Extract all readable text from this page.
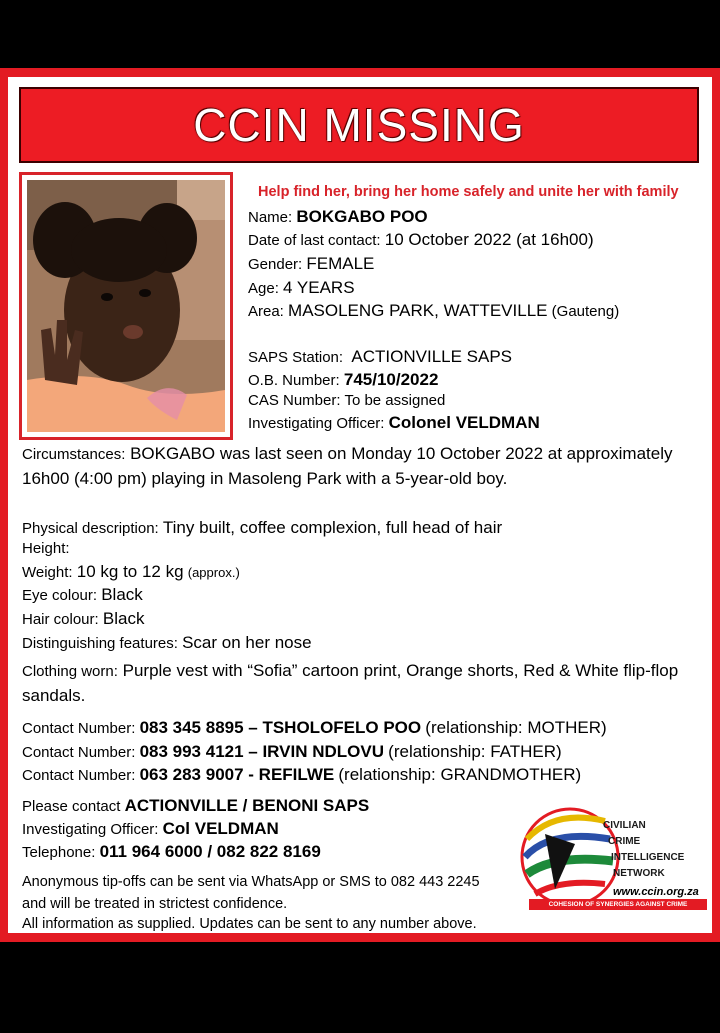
CCIN MISSING
Help find her, bring her home safely and unite her with family
Name: BOKGABO POO
Date of last contact: 10 October 2022 (at 16h00)
Gender: FEMALE
Age: 4 YEARS
Area: MASOLENG PARK, WATTEVILLE (Gauteng)
SAPS Station: ACTIONVILLE SAPS
O.B. Number: 745/10/2022
CAS Number: To be assigned
Investigating Officer: Colonel VELDMAN
Circumstances: BOKGABO was last seen on Monday 10 October 2022 at approximately 16h00 (4:00 pm) playing in Masoleng Park with a 5-year-old boy.
Physical description: Tiny built, coffee complexion, full head of hair
Height:
Weight: 10 kg to 12 kg (approx.)
Eye colour: Black
Hair colour: Black
Distinguishing features: Scar on her nose
Clothing worn: Purple vest with “Sofia” cartoon print, Orange shorts, Red & White flip-flop sandals.
Contact Number: 083 345 8895 – TSHOLOFELO POO (relationship: MOTHER)
Contact Number: 083 993 4121 – IRVIN NDLOVU (relationship: FATHER)
Contact Number: 063 283 9007 - REFILWE (relationship: GRANDMOTHER)
Please contact ACTIONVILLE / BENONI SAPS
Investigating Officer: Col VELDMAN
Telephone: 011 964 6000 / 082 822 8169
Anonymous tip-offs can be sent via WhatsApp or SMS to 082 443 2245
and will be treated in strictest confidence.
All information as supplied. Updates can be sent to any number above.
CIVILIAN
CRIME
INTELLIGENCE
NETWORK
www.ccin.org.za
COHESION OF SYNERGIES AGAINST CRIME
